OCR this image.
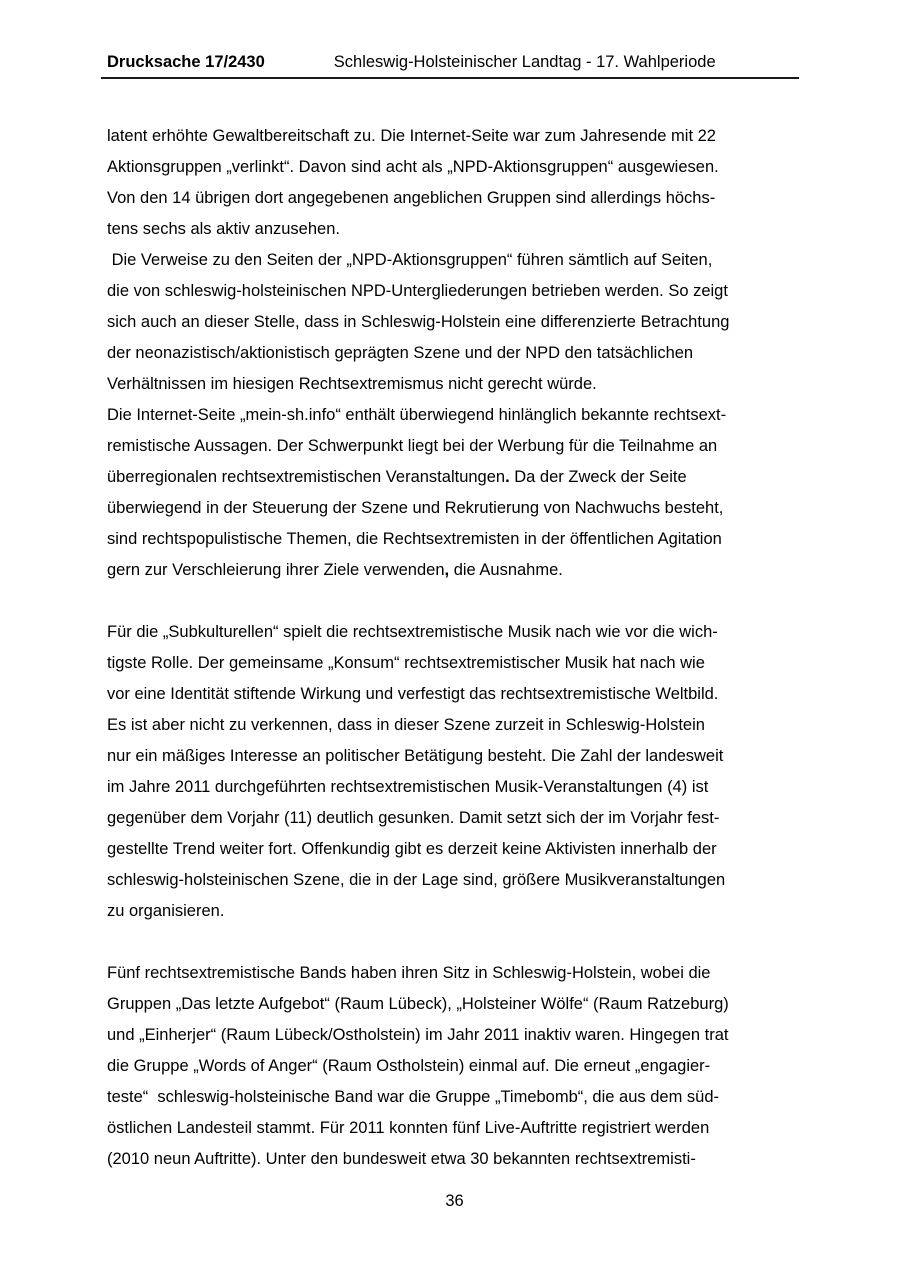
Drucksache 17/2430	Schleswig-Holsteinischer Landtag - 17. Wahlperiode
latent erhöhte Gewaltbereitschaft zu. Die Internet-Seite war zum Jahresende mit 22
Aktionsgruppen „verlinkt“. Davon sind acht als „NPD-Aktionsgruppen“ ausgewiesen.
Von den 14 übrigen dort angegebenen angeblichen Gruppen sind allerdings höchs-
tens sechs als aktiv anzusehen.
Die Verweise zu den Seiten der „NPD-Aktionsgruppen“ führen sämtlich auf Seiten,
die von schleswig-holsteinischen NPD-Untergliederungen betrieben werden. So zeigt
sich auch an dieser Stelle, dass in Schleswig-Holstein eine differenzierte Betrachtung
der neonazistisch/aktionistisch geprägten Szene und der NPD den tatsächlichen
Verhältnissen im hiesigen Rechtsextremismus nicht gerecht würde.
Die Internet-Seite „mein-sh.info“ enthält überwiegend hinlänglich bekannte rechtsext-
remistische Aussagen. Der Schwerpunkt liegt bei der Werbung für die Teilnahme an
überregionalen rechtsextremistischen Veranstaltungen. Da der Zweck der Seite
überwiegend in der Steuerung der Szene und Rekrutierung von Nachwuchs besteht,
sind rechtspopulistische Themen, die Rechtsextremisten in der öffentlichen Agitation
gern zur Verschleierung ihrer Ziele verwenden, die Ausnahme.
Für die „Subkulturellen“ spielt die rechtsextremistische Musik nach wie vor die wich-
tigste Rolle. Der gemeinsame „Konsum“ rechtsextremistischer Musik hat nach wie
vor eine Identität stiftende Wirkung und verfestigt das rechtsextremistische Weltbild.
Es ist aber nicht zu verkennen, dass in dieser Szene zurzeit in Schleswig-Holstein
nur ein mäßiges Interesse an politischer Betätigung besteht. Die Zahl der landesweit
im Jahre 2011 durchgeführten rechtsextremistischen Musik-Veranstaltungen (4) ist
gegenüber dem Vorjahr (11) deutlich gesunken. Damit setzt sich der im Vorjahr fest-
gestellte Trend weiter fort. Offenkundig gibt es derzeit keine Aktivisten innerhalb der
schleswig-holsteinischen Szene, die in der Lage sind, größere Musikveranstaltungen
zu organisieren.
Fünf rechtsextremistische Bands haben ihren Sitz in Schleswig-Holstein, wobei die
Gruppen „Das letzte Aufgebot“ (Raum Lübeck), „Holsteiner Wölfe“ (Raum Ratzeburg)
und „Einherjer“ (Raum Lübeck/Ostholstein) im Jahr 2011 inaktiv waren. Hingegen trat
die Gruppe „Words of Anger“ (Raum Ostholstein) einmal auf. Die erneut „engagier-
teste“  schleswig-holsteinische Band war die Gruppe „Timebomb“, die aus dem süd-
östlichen Landesteil stammt. Für 2011 konnten fünf Live-Auftritte registriert werden
(2010 neun Auftritte). Unter den bundesweit etwa 30 bekannten rechtsextremisti-
36
